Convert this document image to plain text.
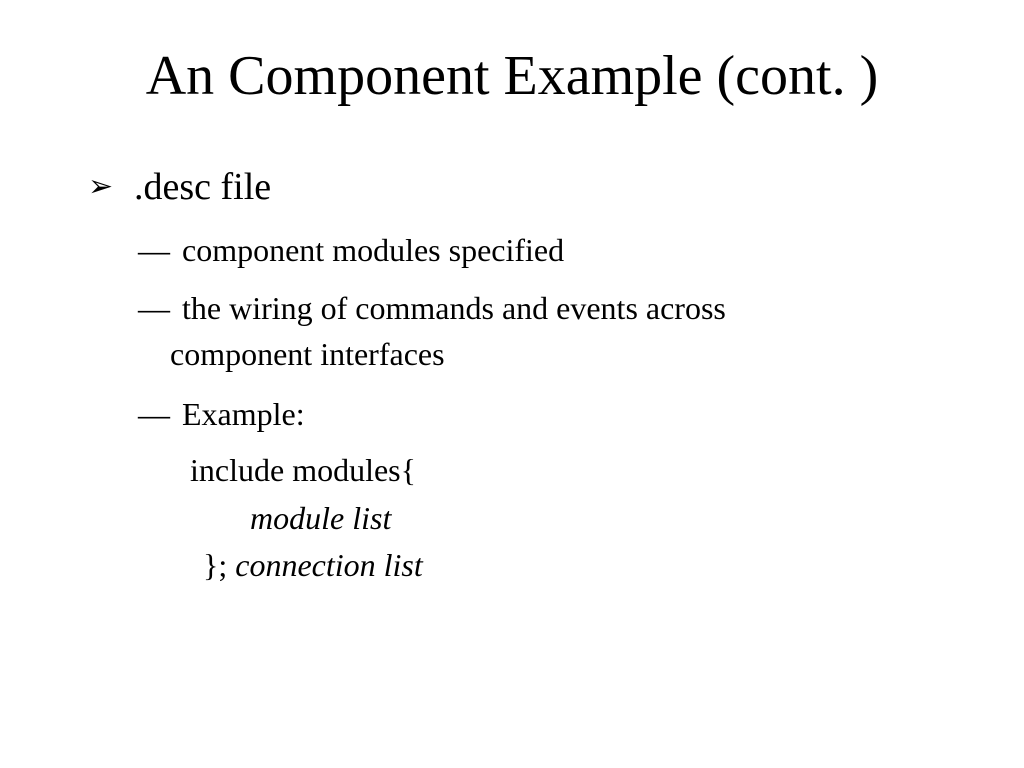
An Component Example (cont. )
➢ .desc file
— component modules specified
— the wiring of commands and events across
component interfaces
— Example:
include modules{
module list
}; connection list
